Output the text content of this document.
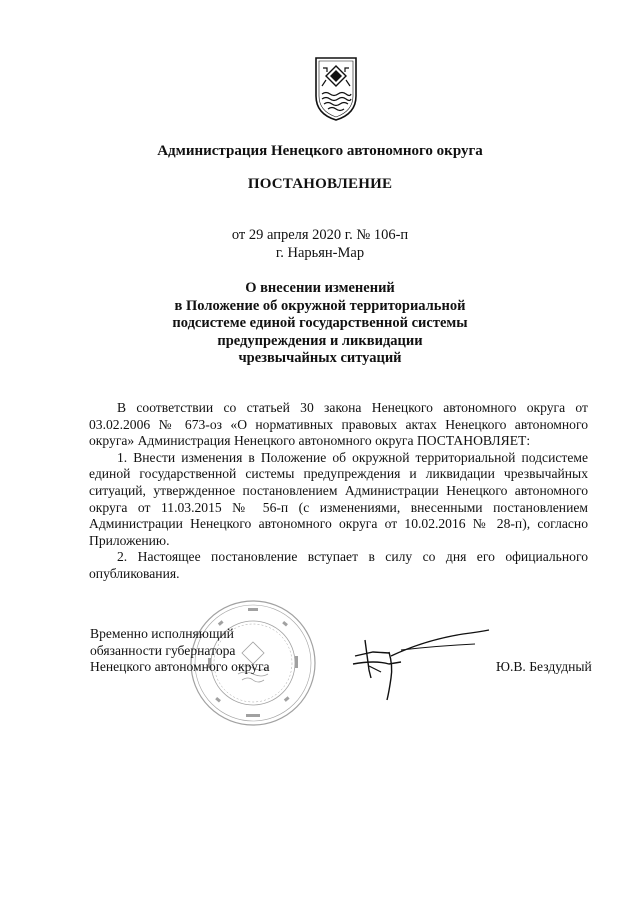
Администрация Ненецкого автономного округа
ПОСТАНОВЛЕНИЕ
от 29 апреля 2020 г. № 106-п
г. Нарьян-Мар
О внесении изменений
в Положение об окружной территориальной
подсистеме единой государственной системы
предупреждения и ликвидации
чрезвычайных ситуаций

В соответствии со статьей 30 закона Ненецкого автономного округа от 03.02.2006 № 673-оз «О нормативных правовых актах Ненецкого автономного округа» Администрация Ненецкого автономного округа ПОСТАНОВЛЯЕТ:

1. Внести изменения в Положение об окружной территориальной подсистеме единой государственной системы предупреждения и ликвидации чрезвычайных ситуаций, утвержденное постановлением Администрации Ненецкого автономного округа от 11.03.2015 № 56-п (с изменениями, внесенными постановлением Администрации Ненецкого автономного округа от 10.02.2016 № 28-п), согласно Приложению.

2. Настоящее постановление вступает в силу со дня его официального опубликования.

Временно исполняющий
обязанности губернатора
Ненецкого автономного округа	Ю.В. Бездудный
